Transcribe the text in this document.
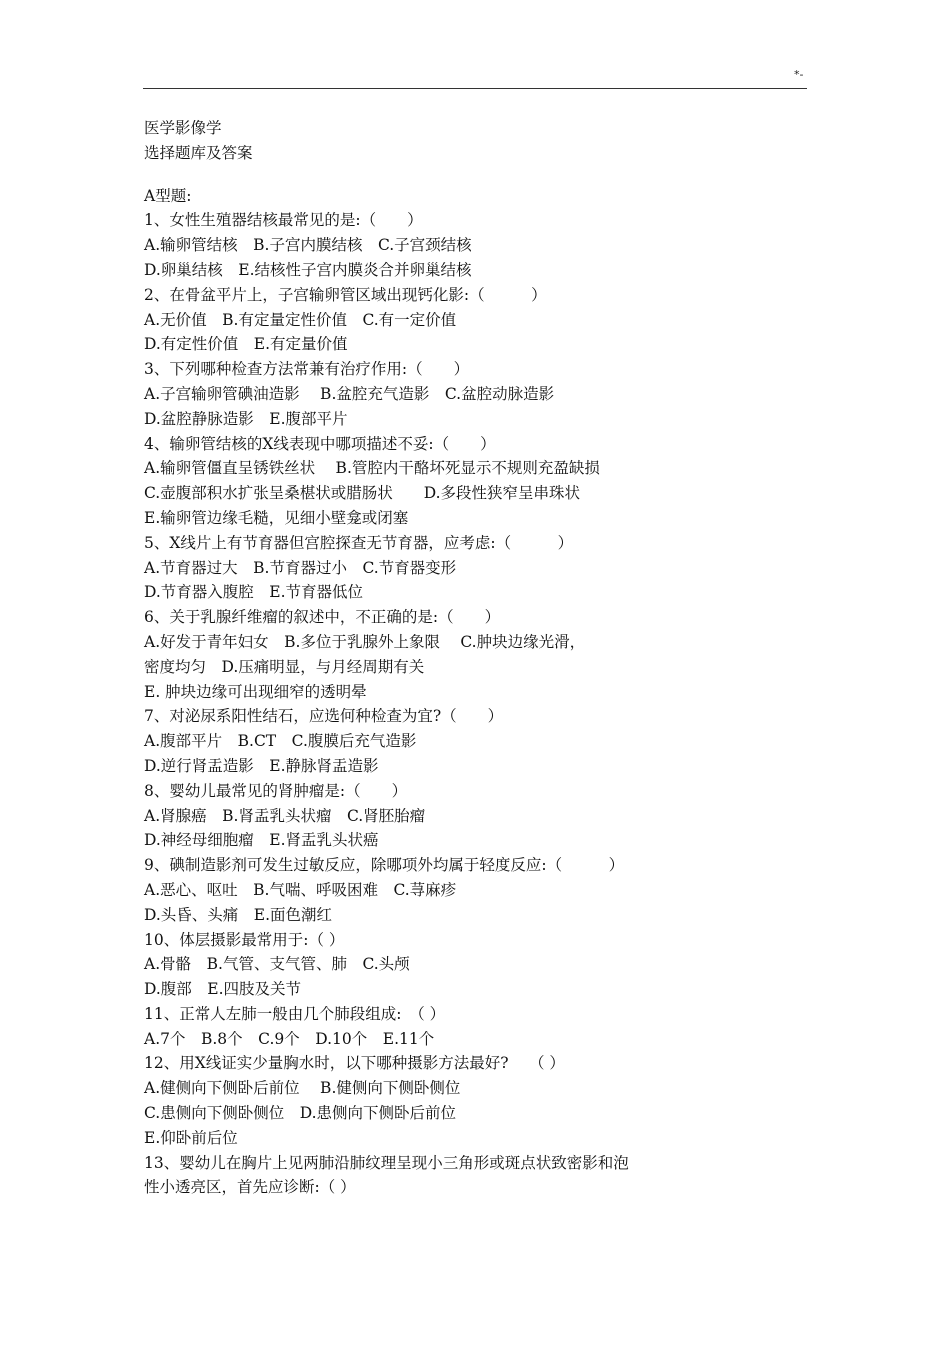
*-
医学影像学
选择题库及答案
A型题:
1、女性生殖器结核最常见的是:（　　）
A.输卵管结核　B.子宫内膜结核　C.子宫颈结核
D.卵巢结核　E.结核性子宫内膜炎合并卵巢结核
2、在骨盆平片上，子宫输卵管区域出现钙化影:（　　　）
A.无价值　B.有定量定性价值　C.有一定价值
D.有定性价值　E.有定量价值
3、下列哪种检查方法常兼有治疗作用:（　　）
A.子宫输卵管碘油造影　 B.盆腔充气造影　C.盆腔动脉造影
D.盆腔静脉造影　E.腹部平片
4、输卵管结核的X线表现中哪项描述不妥:（　　）
A.输卵管僵直呈锈铁丝状　 B.管腔内干酪坏死显示不规则充盈缺损
C.壶腹部积水扩张呈桑椹状或腊肠状　　D.多段性狭窄呈串珠状
E.输卵管边缘毛糙，见细小壁龛或闭塞
5、X线片上有节育器但宫腔探查无节育器，应考虑:（　　　）
A.节育器过大　B.节育器过小　C.节育器变形
D.节育器入腹腔　E.节育器低位
6、关于乳腺纤维瘤的叙述中，不正确的是:（　　）
A.好发于青年妇女　B.多位于乳腺外上象限　 C.肿块边缘光滑，
密度均匀　D.压痛明显，与月经周期有关
E. 肿块边缘可出现细窄的透明晕
7、对泌尿系阳性结石，应选何种检查为宜?（　　）
A.腹部平片　B.CT　C.腹膜后充气造影
D.逆行肾盂造影　E.静脉肾盂造影
8、婴幼儿最常见的肾肿瘤是:（　　）
A.肾腺癌　B.肾盂乳头状瘤　C.肾胚胎瘤
D.神经母细胞瘤　E.肾盂乳头状癌
9、碘制造影剂可发生过敏反应，除哪项外均属于轻度反应:（　　　）
A.恶心、呕吐　B.气喘、呼吸困难　C.荨麻疹
D.头昏、头痛　E.面色潮红
10、体层摄影最常用于:（ ）
A.骨骼　B.气管、支气管、肺　C.头颅
D.腹部　E.四肢及关节
11、正常人左肺一般由几个肺段组成:　（ ）
A.7个　B.8个　C.9个　D.10个　E.11个
12、用X线证实少量胸水时，以下哪种摄影方法最好?　 （ ）
A.健侧向下侧卧后前位　 B.健侧向下侧卧侧位
C.患侧向下侧卧侧位　D.患侧向下侧卧后前位
E.仰卧前后位
13、婴幼儿在胸片上见两肺沿肺纹理呈现小三角形或斑点状致密影和泡
性小透亮区，首先应诊断:（ ）
